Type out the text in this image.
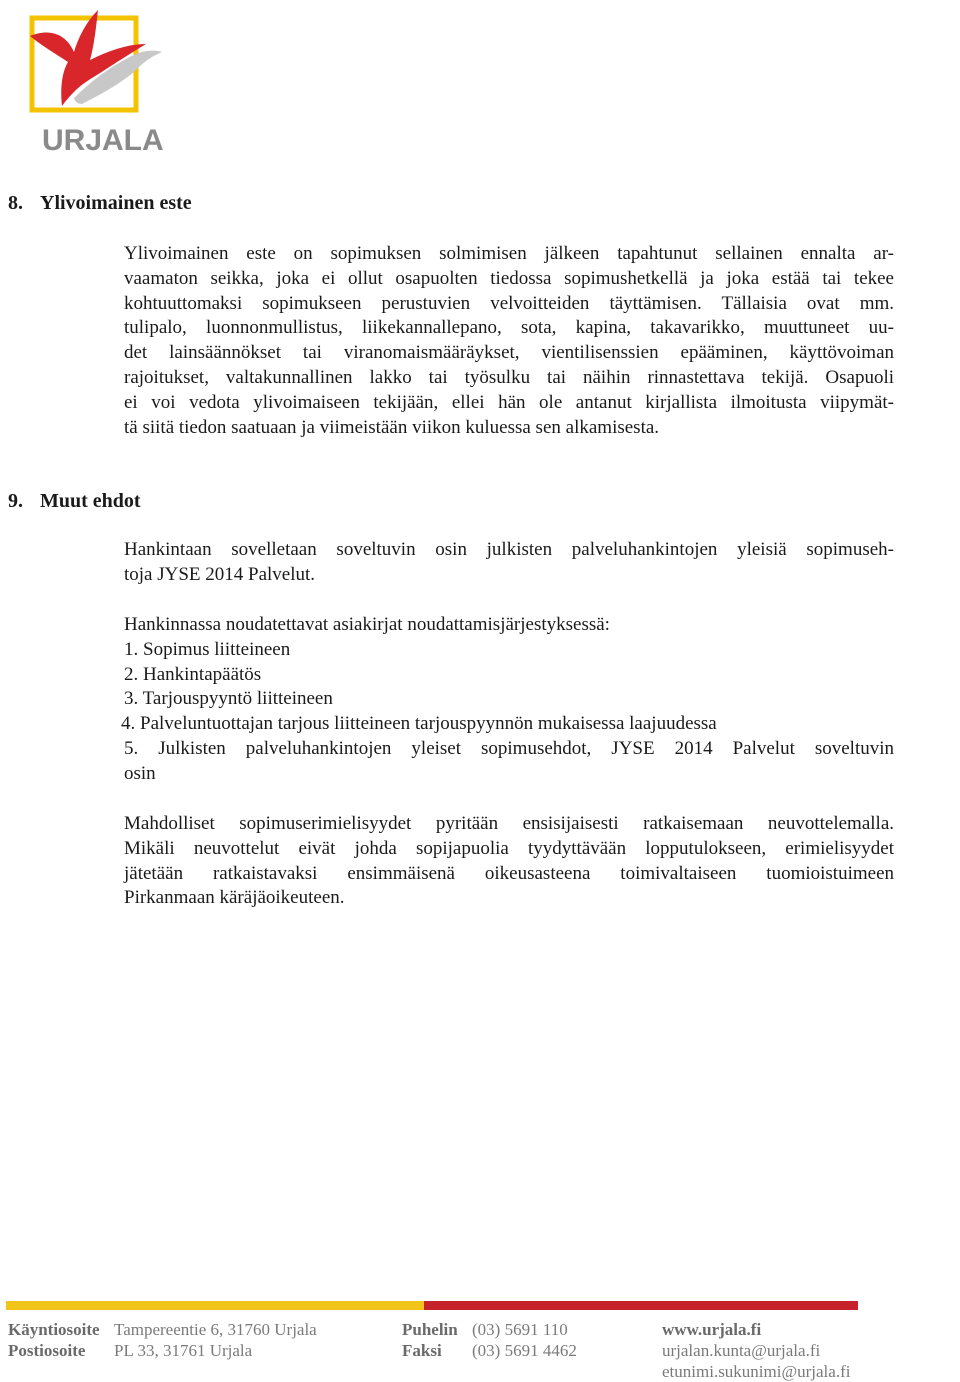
URJALA
8. Ylivoimainen este
Ylivoimainen este on sopimuksen solmimisen jälkeen tapahtunut sellainen ennalta ar-
vaamaton seikka, joka ei ollut osapuolten tiedossa sopimushetkellä ja joka estää tai tekee
kohtuuttomaksi sopimukseen perustuvien velvoitteiden täyttämisen. Tällaisia ovat mm.
tulipalo, luonnonmullistus, liikekannallepano, sota, kapina, takavarikko, muuttuneet uu-
det lainsäännökset tai viranomaismääräykset, vientilisenssien epääminen, käyttövoiman
rajoitukset, valtakunnallinen lakko tai työsulku tai näihin rinnastettava tekijä. Osapuoli
ei voi vedota ylivoimaiseen tekijään, ellei hän ole antanut kirjallista ilmoitusta viipymät-
tä siitä tiedon saatuaan ja viimeistään viikon kuluessa sen alkamisesta.
9. Muut ehdot
Hankintaan sovelletaan soveltuvin osin julkisten palveluhankintojen yleisiä sopimuseh-
toja JYSE 2014 Palvelut.
Hankinnassa noudatettavat asiakirjat noudattamisjärjestyksessä:
1. Sopimus liitteineen
2. Hankintapäätös
3. Tarjouspyyntö liitteineen
4. Palveluntuottajan tarjous liitteineen tarjouspyynnön mukaisessa laajuudessa
5. Julkisten palveluhankintojen yleiset sopimusehdot, JYSE 2014 Palvelut soveltuvin
osin
Mahdolliset sopimuserimielisyydet pyritään ensisijaisesti ratkaisemaan neuvottelemalla.
Mikäli neuvottelut eivät johda sopijapuolia tyydyttävään lopputulokseen, erimielisyydet
jätetään ratkaistavaksi ensimmäisenä oikeusasteena toimivaltaiseen tuomioistuimeen
Pirkanmaan käräjäoikeuteen.
Käyntiosoite Tampereentie 6, 31760 Urjala
Postiosoite PL 33, 31761 Urjala
Puhelin (03) 5691 110
Faksi (03) 5691 4462
www.urjala.fi
urjalan.kunta@urjala.fi
etunimi.sukunimi@urjala.fi
